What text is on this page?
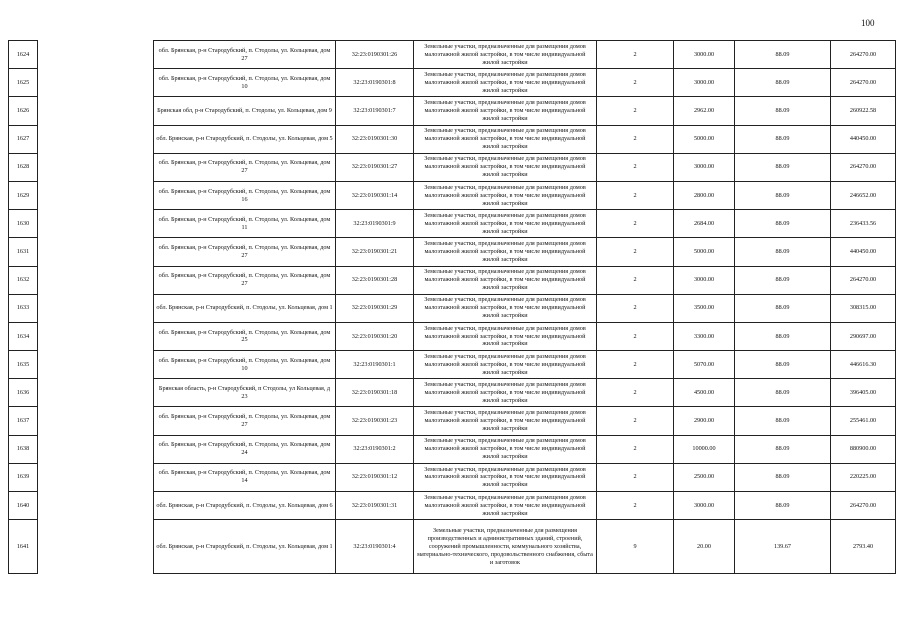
100
1624		обл. Брянская, р-н Стародубский, п. Стодолы, ул. Кольцевая, дом 27	32:23:0190301:26	Земельные участки, предназначенные для размещения домов малоэтажной жилой застройки, в том числе индивидуальной жилой застройки	2	3000.00	88.09	264270.00
1625		обл. Брянская, р-н Стародубский, п. Стодолы, ул. Кольцевая, дом 10	32:23:0190301:8	Земельные участки, предназначенные для размещения домов малоэтажной жилой застройки, в том числе индивидуальной жилой застройки	2	3000.00	88.09	264270.00
1626		Брянская обл, р-н Стародубский, п. Стодолы, ул. Кольцевая, дом 9	32:23:0190301:7	Земельные участки, предназначенные для размещения домов малоэтажной жилой застройки, в том числе индивидуальной жилой застройки	2	2962.00	88.09	260922.58
1627		обл. Брянская, р-н Стародубский, п. Стодолы, ул. Кольцевая, дом 5	32:23:0190301:30	Земельные участки, предназначенные для размещения домов малоэтажной жилой застройки, в том числе индивидуальной жилой застройки	2	5000.00	88.09	440450.00
1628		обл. Брянская, р-н Стародубский, п. Стодолы, ул. Кольцевая, дом 27	32:23:0190301:27	Земельные участки, предназначенные для размещения домов малоэтажной жилой застройки, в том числе индивидуальной жилой застройки	2	3000.00	88.09	264270.00
1629		обл. Брянская, р-н Стародубский, п. Стодолы, ул. Кольцевая, дом 16	32:23:0190301:14	Земельные участки, предназначенные для размещения домов малоэтажной жилой застройки, в том числе индивидуальной жилой застройки	2	2800.00	88.09	246652.00
1630		обл. Брянская, р-н Стародубский, п. Стодолы, ул. Кольцевая, дом 11	32:23:0190301:9	Земельные участки, предназначенные для размещения домов малоэтажной жилой застройки, в том числе индивидуальной жилой застройки	2	2684.00	88.09	236433.56
1631		обл. Брянская, р-н Стародубский, п. Стодолы, ул. Кольцевая, дом 27	32:23:0190301:21	Земельные участки, предназначенные для размещения домов малоэтажной жилой застройки, в том числе индивидуальной жилой застройки	2	5000.00	88.09	440450.00
1632		обл. Брянская, р-н Стародубский, п. Стодолы, ул. Кольцевая, дом 27	32:23:0190301:28	Земельные участки, предназначенные для размещения домов малоэтажной жилой застройки, в том числе индивидуальной жилой застройки	2	3000.00	88.09	264270.00
1633		обл. Брянская, р-н Стародубский, п. Стодолы, ул. Кольцевая, дом 1	32:23:0190301:29	Земельные участки, предназначенные для размещения домов малоэтажной жилой застройки, в том числе индивидуальной жилой застройки	2	3500.00	88.09	308315.00
1634		обл. Брянская, р-н Стародубский, п. Стодолы, ул. Кольцевая, дом 25	32:23:0190301:20	Земельные участки, предназначенные для размещения домов малоэтажной жилой застройки, в том числе индивидуальной жилой застройки	2	3300.00	88.09	290697.00
1635		обл. Брянская, р-н Стародубский, п. Стодолы, ул. Кольцевая, дом 10	32:23:0190301:1	Земельные участки, предназначенные для размещения домов малоэтажной жилой застройки, в том числе индивидуальной жилой застройки	2	5070.00	88.09	446616.30
1636		Брянская область, р-н Стародубский, п Стодолы, ул Кольцевая, д 23	32:23:0190301:18	Земельные участки, предназначенные для размещения домов малоэтажной жилой застройки, в том числе индивидуальной жилой застройки	2	4500.00	88.09	396405.00
1637		обл. Брянская, р-н Стародубский, п. Стодолы, ул. Кольцевая, дом 27	32:23:0190301:23	Земельные участки, предназначенные для размещения домов малоэтажной жилой застройки, в том числе индивидуальной жилой застройки	2	2900.00	88.09	255461.00
1638		обл. Брянская, р-н Стародубский, п. Стодолы, ул. Кольцевая, дом 24	32:23:0190301:2	Земельные участки, предназначенные для размещения домов малоэтажной жилой застройки, в том числе индивидуальной жилой застройки	2	10000.00	88.09	880900.00
1639		обл. Брянская, р-н Стародубский, п. Стодолы, ул. Кольцевая, дом 14	32:23:0190301:12	Земельные участки, предназначенные для размещения домов малоэтажной жилой застройки, в том числе индивидуальной жилой застройки	2	2500.00	88.09	220225.00
1640		обл. Брянская, р-н Стародубский, п. Стодолы, ул. Кольцевая, дом 6	32:23:0190301:31	Земельные участки, предназначенные для размещения домов малоэтажной жилой застройки, в том числе индивидуальной жилой застройки	2	3000.00	88.09	264270.00
1641		обл. Брянская, р-н Стародубский, п. Стодолы, ул. Кольцевая, дом 1	32:23:0190301:4	Земельные участки, предназначенные для размещения производственных и административных зданий, строений, сооружений промышленности, коммунального хозяйства, материально-технического, продовольственного снабжения, сбыта и заготовок	9	20.00	139.67	2793.40
